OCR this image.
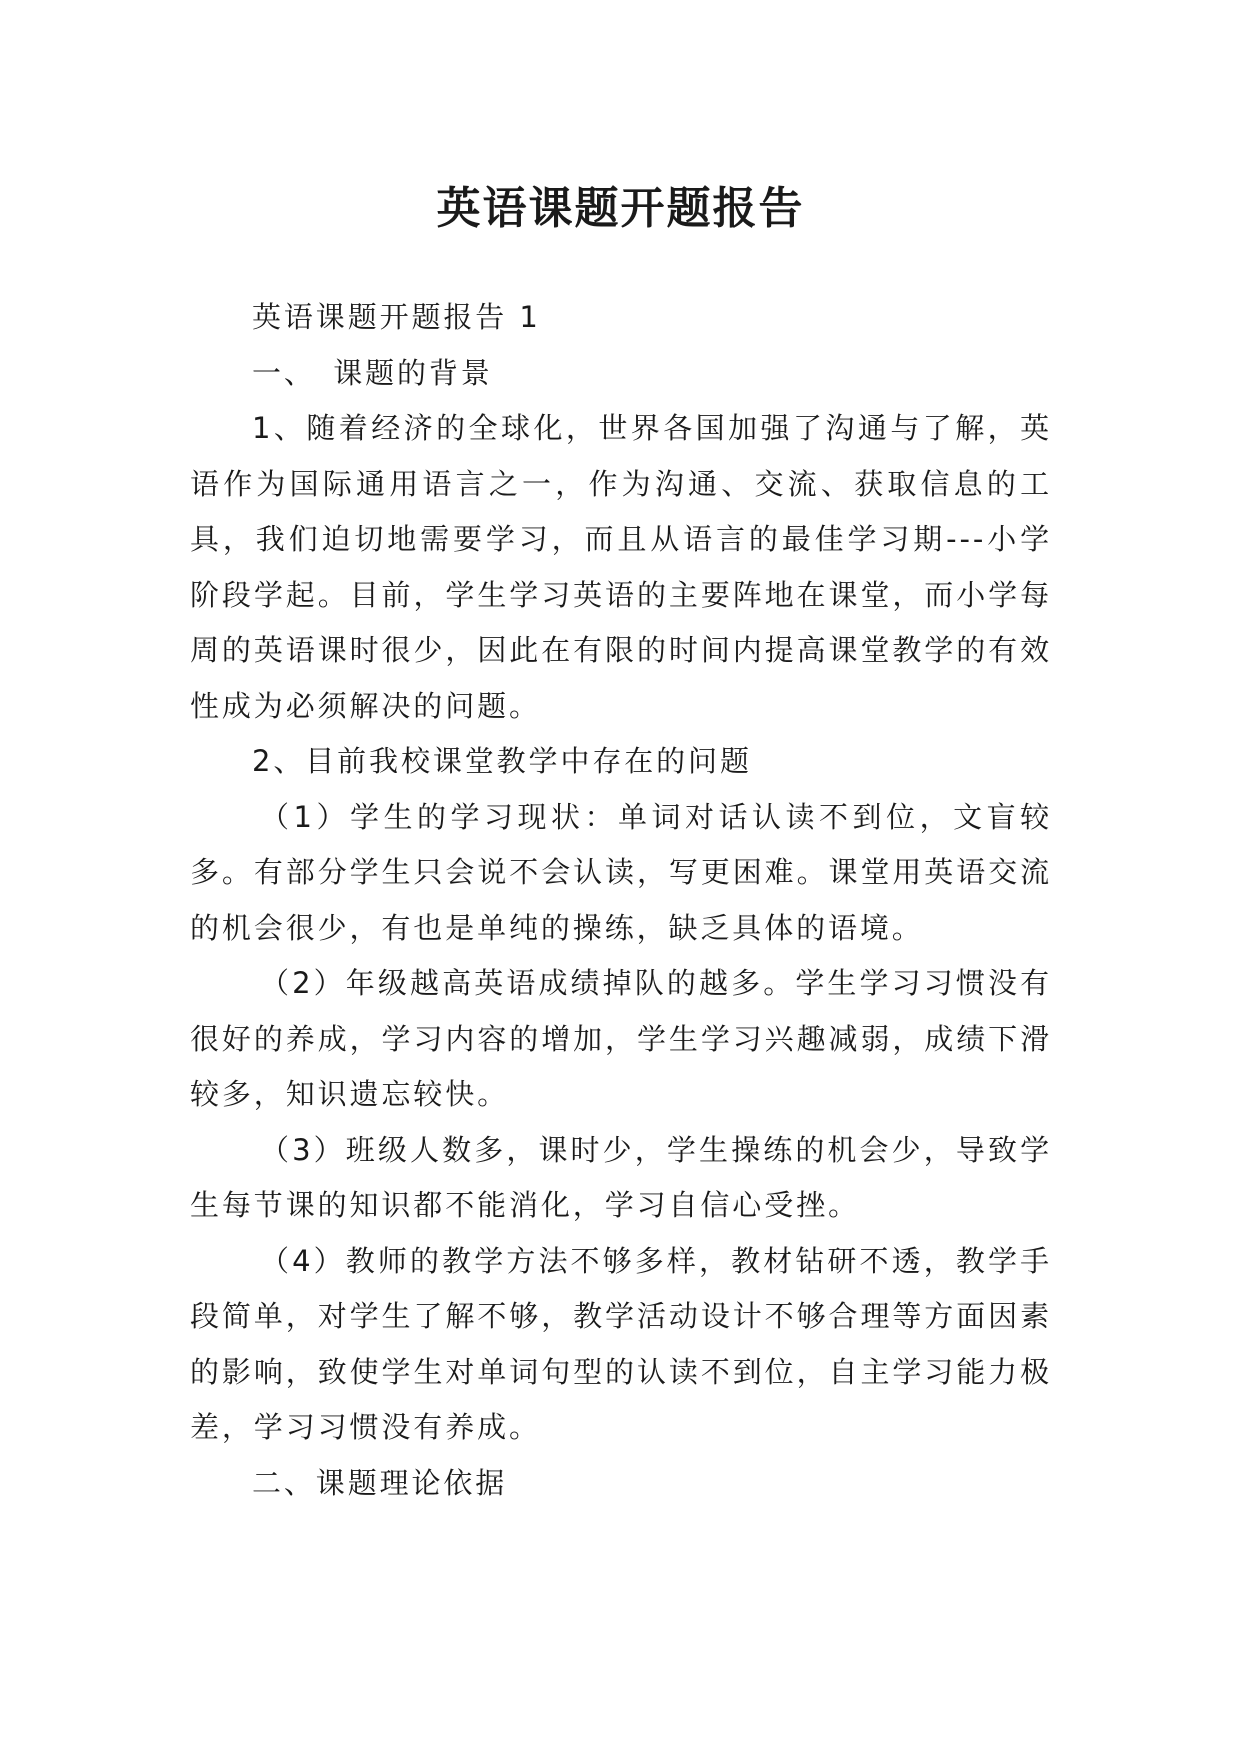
英语课题开题报告

英语课题开题报告 1

一、　课题的背景

1、随着经济的全球化，世界各国加强了沟通与了解，英语作为国际通用语言之一，作为沟通、交流、获取信息的工具，我们迫切地需要学习，而且从语言的最佳学习期---小学阶段学起。目前，学生学习英语的主要阵地在课堂，而小学每周的英语课时很少，因此在有限的时间内提高课堂教学的有效性成为必须解决的问题。

2、目前我校课堂教学中存在的问题

（1）学生的学习现状：单词对话认读不到位，文盲较多。有部分学生只会说不会认读，写更困难。课堂用英语交流的机会很少，有也是单纯的操练，缺乏具体的语境。

（2）年级越高英语成绩掉队的越多。学生学习习惯没有很好的养成，学习内容的增加，学生学习兴趣减弱，成绩下滑较多，知识遗忘较快。

（3）班级人数多，课时少，学生操练的机会少，导致学生每节课的知识都不能消化，学习自信心受挫。

（4）教师的教学方法不够多样，教材钻研不透，教学手段简单，对学生了解不够，教学活动设计不够合理等方面因素的影响，致使学生对单词句型的认读不到位，自主学习能力极差，学习习惯没有养成。

二、课题理论依据
